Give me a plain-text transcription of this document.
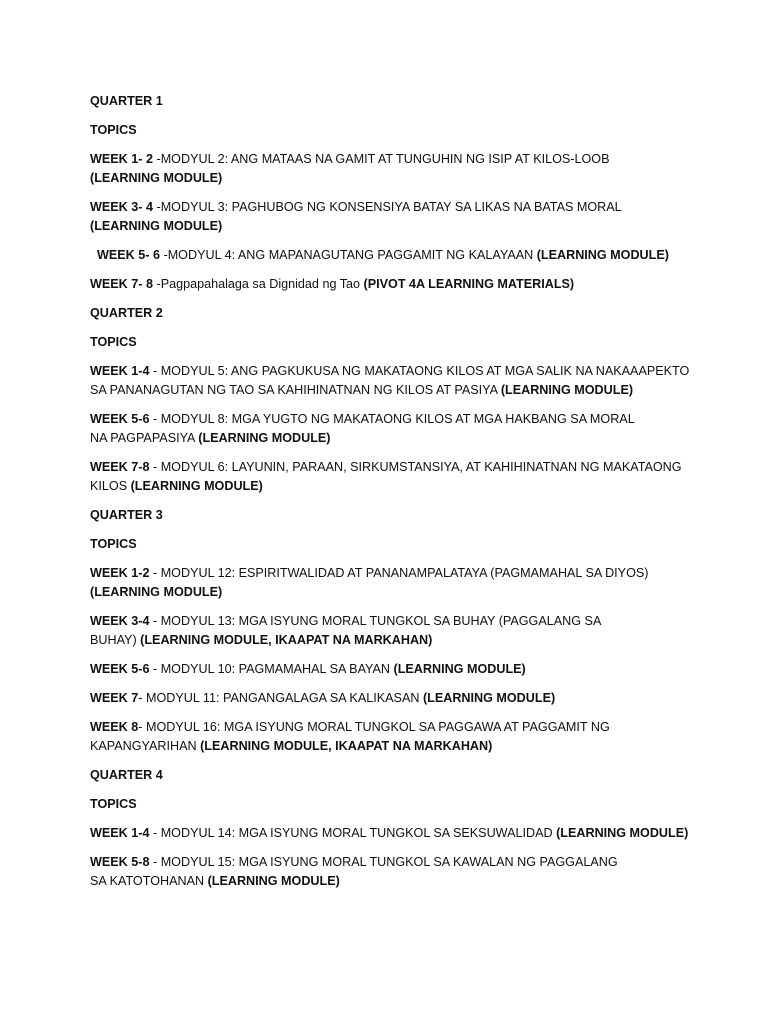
QUARTER 1

TOPICS

WEEK 1- 2 -MODYUL 2: ANG MATAAS NA GAMIT AT TUNGUHIN NG ISIP AT KILOS-LOOB (LEARNING MODULE)

WEEK 3- 4 -MODYUL 3: PAGHUBOG NG KONSENSIYA BATAY SA LIKAS NA BATAS MORAL (LEARNING MODULE)

WEEK 5- 6 -MODYUL 4: ANG MAPANAGUTANG PAGGAMIT NG KALAYAAN (LEARNING MODULE)

WEEK 7- 8 -Pagpapahalaga sa Dignidad ng Tao (PIVOT 4A LEARNING MATERIALS)

QUARTER 2

TOPICS

WEEK 1-4 - MODYUL 5: ANG PAGKUKUSA NG MAKATAONG KILOS AT MGA SALIK NA NAKAAAPEKTO SA PANANAGUTAN NG TAO SA KAHIHINATNAN NG KILOS AT PASIYA (LEARNING MODULE)

WEEK 5-6 - MODYUL 8: MGA YUGTO NG MAKATAONG KILOS AT MGA HAKBANG SA MORAL NA PAGPAPASIYA (LEARNING MODULE)

WEEK 7-8 - MODYUL 6: LAYUNIN, PARAAN, SIRKUMSTANSIYA, AT KAHIHINATNAN NG MAKATAONG KILOS (LEARNING MODULE)

QUARTER 3

TOPICS

WEEK 1-2 - MODYUL 12: ESPIRITWALIDAD AT PANANAMPALATAYA (PAGMAMAHAL SA DIYOS) (LEARNING MODULE)

WEEK 3-4 - MODYUL 13: MGA ISYUNG MORAL TUNGKOL SA BUHAY (PAGGALANG SA BUHAY) (LEARNING MODULE, IKAAPAT NA MARKAHAN)

WEEK 5-6 - MODYUL 10: PAGMAMAHAL SA BAYAN (LEARNING MODULE)

WEEK 7- MODYUL 11: PANGANGALAGA SA KALIKASAN (LEARNING MODULE)

WEEK 8- MODYUL 16: MGA ISYUNG MORAL TUNGKOL SA PAGGAWA AT PAGGAMIT NG KAPANGYARIHAN (LEARNING MODULE, IKAAPAT NA MARKAHAN)

QUARTER 4

TOPICS

WEEK 1-4 - MODYUL 14: MGA ISYUNG MORAL TUNGKOL SA SEKSUWALIDAD (LEARNING MODULE)

WEEK 5-8 - MODYUL 15: MGA ISYUNG MORAL TUNGKOL SA KAWALAN NG PAGGALANG SA KATOTOHANAN (LEARNING MODULE)
